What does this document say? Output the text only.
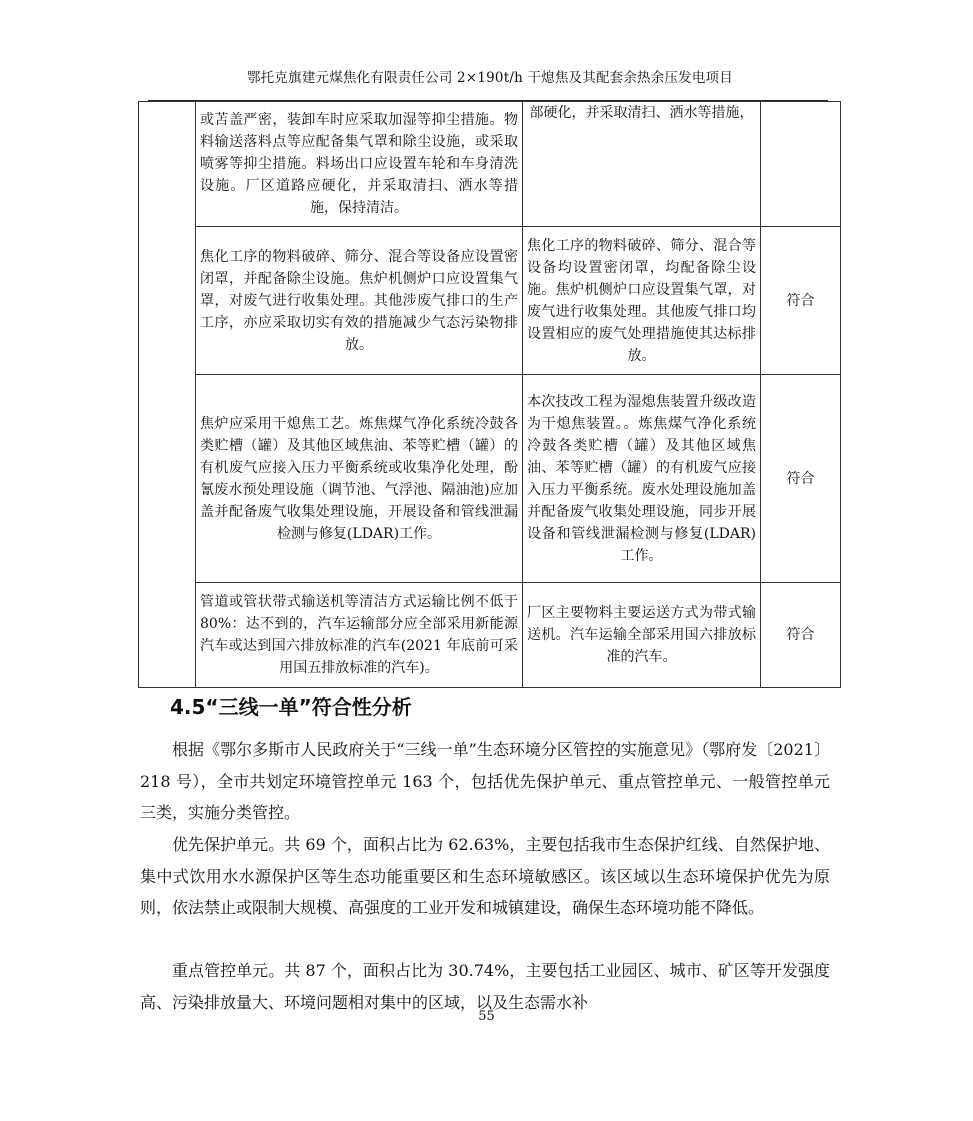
鄂托克旗建元煤焦化有限责任公司 2×190t/h 干熄焦及其配套余热余压发电项目

	或苫盖严密，装卸车时应采取加湿等抑尘措施。物料输送落料点等应配备集气罩和除尘设施，或采取喷雾等抑尘措施。料场出口应设置车轮和车身清洗设施。厂区道路应硬化，并采取清扫、洒水等措施，保持清洁。	部硬化，并采取清扫、洒水等措施，	

	焦化工序的物料破碎、筛分、混合等设备应设置密闭罩，并配备除尘设施。焦炉机侧炉口应设置集气罩，对废气进行收集处理。其他涉废气排口的生产工序，亦应采取切实有效的措施减少气态污染物排放。	焦化工序的物料破碎、筛分、混合等设备均设置密闭罩，均配备除尘设施。焦炉机侧炉口应设置集气罩，对废气进行收集处理。其他废气排口均设置相应的废气处理措施使其达标排放。	符合

	焦炉应采用干熄焦工艺。炼焦煤气净化系统冷鼓各类贮槽（罐）及其他区域焦油、苯等贮槽（罐）的有机废气应接入压力平衡系统或收集净化处理，酚氰废水预处理设施（调节池、气浮池、隔油池)应加盖并配备废气收集处理设施，开展设备和管线泄漏检测与修复(LDAR)工作。	本次技改工程为湿熄焦装置升级改造为干熄焦装置。。炼焦煤气净化系统冷鼓各类贮槽（罐）及其他区域焦油、苯等贮槽（罐）的有机废气应接入压力平衡系统。废水处理设施加盖并配备废气收集处理设施，同步开展设备和管线泄漏检测与修复(LDAR)工作。	符合

	管道或管状带式输送机等清洁方式运输比例不低于 80%：达不到的，汽车运输部分应全部采用新能源汽车或达到国六排放标准的汽车(2021 年底前可采用国五排放标准的汽车)。	厂区主要物料主要运送方式为带式输送机。汽车运输全部采用国六排放标准的汽车。	符合
4.5“三线一单”符合性分析

根据《鄂尔多斯市人民政府关于“三线一单”生态环境分区管控的实施意见》（鄂府发〔2021〕218 号），全市共划定环境管控单元 163 个，包括优先保护单元、重点管控单元、一般管控单元三类，实施分类管控。

优先保护单元。共 69 个，面积占比为 62.63%，主要包括我市生态保护红线、自然保护地、集中式饮用水水源保护区等生态功能重要区和生态环境敏感区。该区域以生态环境保护优先为原则，依法禁止或限制大规模、高强度的工业开发和城镇建设，确保生态环境功能不降低。

重点管控单元。共 87 个，面积占比为 30.74%，主要包括工业园区、城市、矿区等开发强度高、污染排放量大、环境问题相对集中的区域，以及生态需水补

55
